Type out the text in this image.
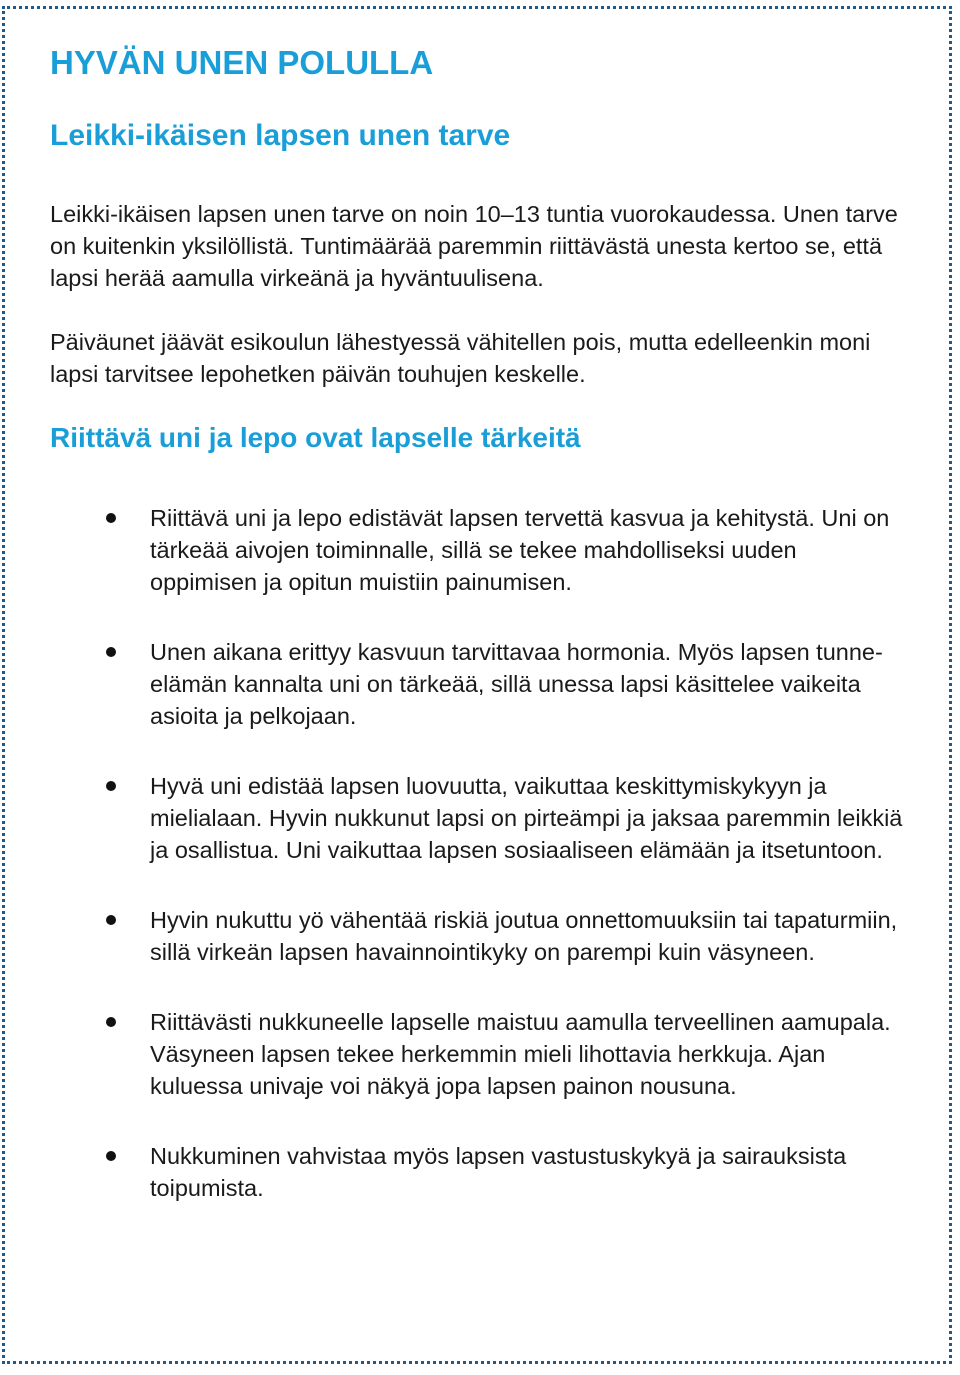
HYVÄN UNEN POLULLA
Leikki-ikäisen lapsen unen tarve

Leikki-ikäisen lapsen unen tarve on noin 10–13 tuntia vuorokaudessa. Unen tarve on kuitenkin yksilöllistä. Tuntimäärää paremmin riittävästä unesta kertoo se, että lapsi herää aamulla virkeänä ja hyväntuulisena.

Päiväunet jäävät esikoulun lähestyessä vähitellen pois, mutta edelleenkin moni lapsi tarvitsee lepohetken päivän touhujen keskelle.

Riittävä uni ja lepo ovat lapselle tärkeitä
Riittävä uni ja lepo edistävät lapsen tervettä kasvua ja kehitystä. Uni on tärkeää aivojen toiminnalle, sillä se tekee mahdolliseksi uuden oppimisen ja opitun muistiin painumisen.
Unen aikana erittyy kasvuun tarvittavaa hormonia. Myös lapsen tunne-elämän kannalta uni on tärkeää, sillä unessa lapsi käsittelee vaikeita asioita ja pelkojaan.
Hyvä uni edistää lapsen luovuutta, vaikuttaa keskittymiskykyyn ja mielialaan. Hyvin nukkunut lapsi on pirteämpi ja jaksaa paremmin leikkiä ja osallistua. Uni vaikuttaa lapsen sosiaaliseen elämään ja itsetuntoon.
Hyvin nukuttu yö vähentää riskiä joutua onnettomuuksiin tai tapaturmiin, sillä virkeän lapsen havainnointikyky on parempi kuin väsyneen.
Riittävästi nukkuneelle lapselle maistuu aamulla terveellinen aamupala. Väsyneen lapsen tekee herkemmin mieli lihottavia herkkuja. Ajan kuluessa univaje voi näkyä jopa lapsen painon nousuna.
Nukkuminen vahvistaa myös lapsen vastustuskykyä ja sairauksista toipumista.
